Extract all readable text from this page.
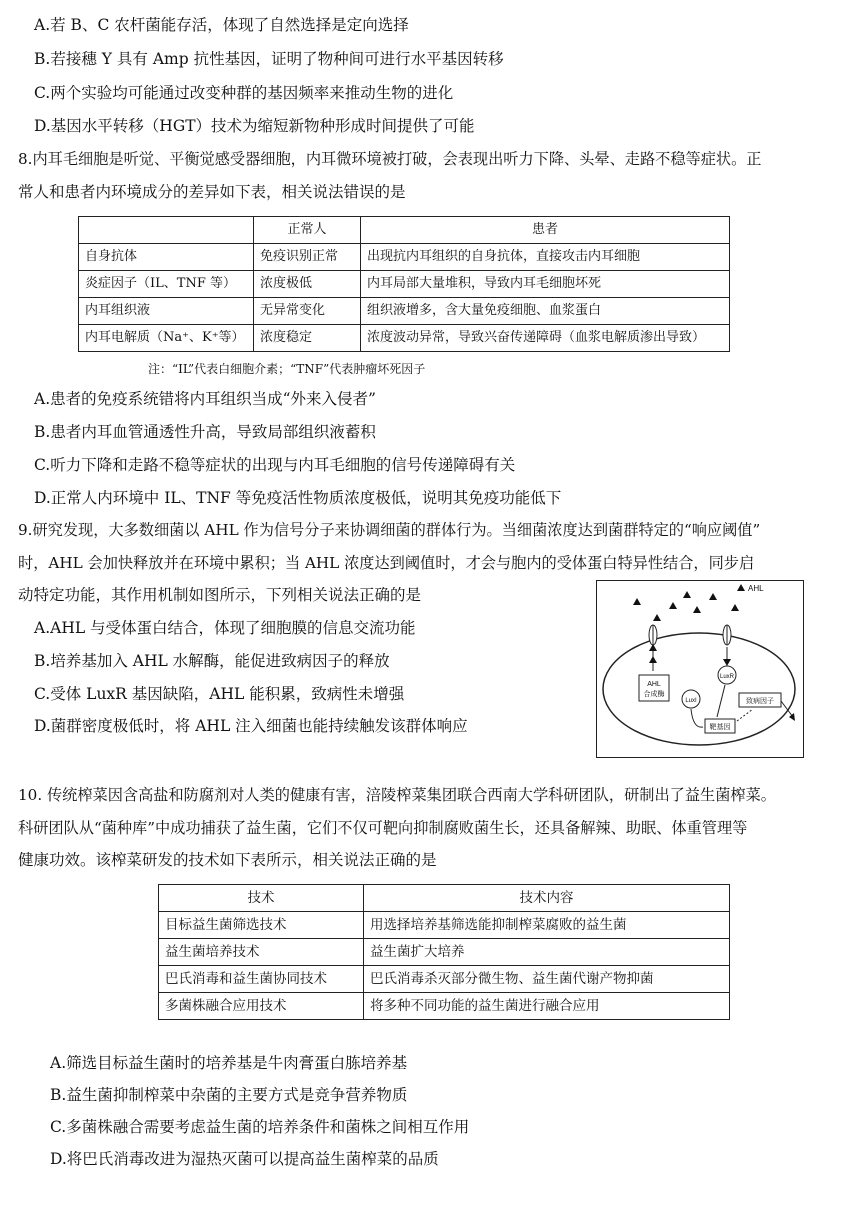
A.若 B、C 农杆菌能存活，体现了自然选择是定向选择
B.若接穗 Y 具有 Amp 抗性基因，证明了物种间可进行水平基因转移
C.两个实验均可能通过改变种群的基因频率来推动生物的进化
D.基因水平转移（HGT）技术为缩短新物种形成时间提供了可能
8.内耳毛细胞是听觉、平衡觉感受器细胞，内耳微环境被打破，会表现出听力下降、头晕、走路不稳等症状。正
常人和患者内环境成分的差异如下表，相关说法错误的是
	正常人	患者
自身抗体	免疫识别正常	出现抗内耳组织的自身抗体，直接攻击内耳细胞
炎症因子（IL、TNF 等）	浓度极低	内耳局部大量堆积，导致内耳毛细胞坏死
内耳组织液	无异常变化	组织液增多，含大量免疫细胞、血浆蛋白
内耳电解质（Na⁺、K⁺等）	浓度稳定	浓度波动异常，导致兴奋传递障碍（血浆电解质渗出导致）
注：“IL”代表白细胞介素；“TNF”代表肿瘤坏死因子
A.患者的免疫系统错将内耳组织当成“外来入侵者”
B.患者内耳血管通透性升高，导致局部组织液蓄积
C.听力下降和走路不稳等症状的出现与内耳毛细胞的信号传递障碍有关
D.正常人内环境中 IL、TNF 等免疫活性物质浓度极低，说明其免疫功能低下
9.研究发现，大多数细菌以 AHL 作为信号分子来协调细菌的群体行为。当细菌浓度达到菌群特定的“响应阈值”
时，AHL 会加快释放并在环境中累积；当 AHL 浓度达到阈值时，才会与胞内的受体蛋白特异性结合，同步启
动特定功能，其作用机制如图所示，下列相关说法正确的是
A.AHL 与受体蛋白结合，体现了细胞膜的信息交流功能
B.培养基加入 AHL 水解酶，能促进致病因子的释放
C.受体 LuxR 基因缺陷，AHL 能积累，致病性未增强
D.菌群密度极低时，将 AHL 注入细菌也能持续触发该群体响应
AHL
AHL
合成酶
LuxR
LuxI
靶基因
致病因子
10. 传统榨菜因含高盐和防腐剂对人类的健康有害，涪陵榨菜集团联合西南大学科研团队，研制出了益生菌榨菜。
科研团队从“菌种库”中成功捕获了益生菌，它们不仅可靶向抑制腐败菌生长，还具备解辣、助眠、体重管理等
健康功效。该榨菜研发的技术如下表所示，相关说法正确的是
技术	技术内容
目标益生菌筛选技术	用选择培养基筛选能抑制榨菜腐败的益生菌
益生菌培养技术	益生菌扩大培养
巴氏消毒和益生菌协同技术	巴氏消毒杀灭部分微生物、益生菌代谢产物抑菌
多菌株融合应用技术	将多种不同功能的益生菌进行融合应用
A.筛选目标益生菌时的培养基是牛肉膏蛋白胨培养基
B.益生菌抑制榨菜中杂菌的主要方式是竞争营养物质
C.多菌株融合需要考虑益生菌的培养条件和菌株之间相互作用
D.将巴氏消毒改进为湿热灭菌可以提高益生菌榨菜的品质
